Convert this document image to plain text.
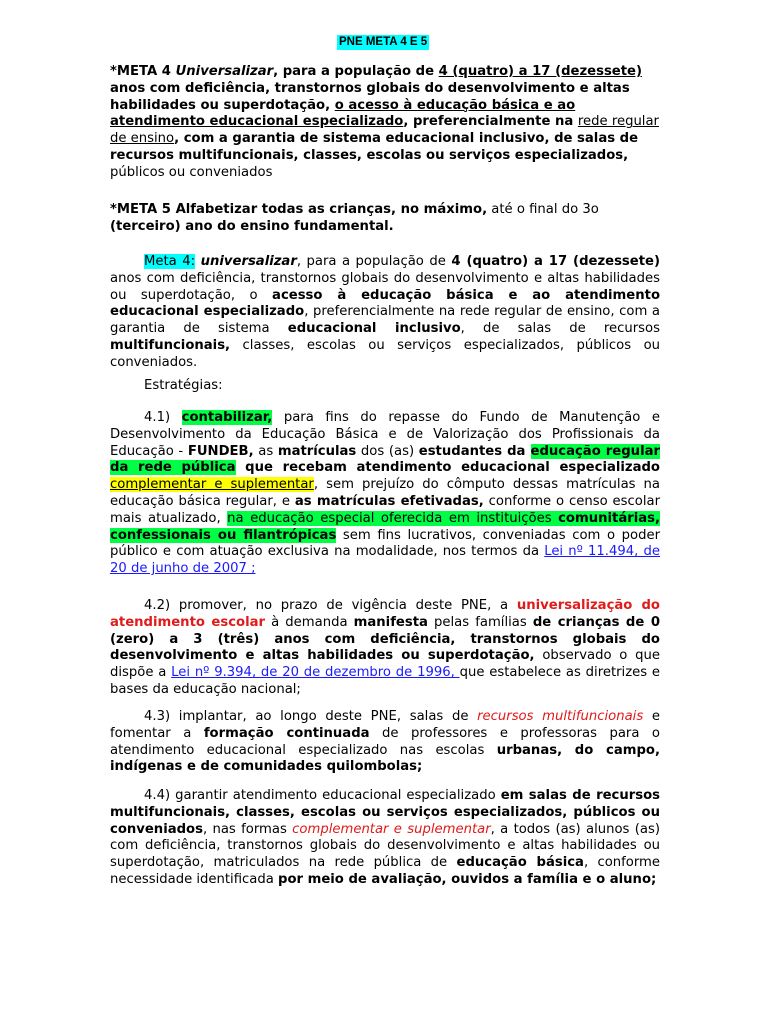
PNE META 4 E 5
*META 4 Universalizar, para a população de 4 (quatro) a 17 (dezessete) anos com deficiência, transtornos globais do desenvolvimento e altas habilidades ou superdotação, o acesso à educação básica e ao atendimento educacional especializado, preferencialmente na rede regular de ensino, com a garantia de sistema educacional inclusivo, de salas de recursos multifuncionais, classes, escolas ou serviços especializados, públicos ou conveniados
*META 5 Alfabetizar todas as crianças, no máximo, até o final do 3o (terceiro) ano do ensino fundamental.
Meta 4: universalizar, para a população de 4 (quatro) a 17 (dezessete) anos com deficiência, transtornos globais do desenvolvimento e altas habilidades ou superdotação, o acesso à educação básica e ao atendimento educacional especializado, preferencialmente na rede regular de ensino, com a garantia de sistema educacional inclusivo, de salas de recursos multifuncionais, classes, escolas ou serviços especializados, públicos ou conveniados.
Estratégias:
4.1) contabilizar, para fins do repasse do Fundo de Manutenção e Desenvolvimento da Educação Básica e de Valorização dos Profissionais da Educação - FUNDEB, as matrículas dos (as) estudantes da educação regular da rede pública que recebam atendimento educacional especializado complementar e suplementar, sem prejuízo do cômputo dessas matrículas na educação básica regular, e as matrículas efetivadas, conforme o censo escolar mais atualizado, na educação especial oferecida em instituições comunitárias, confessionais ou filantrópicas sem fins lucrativos, conveniadas com o poder público e com atuação exclusiva na modalidade, nos termos da Lei nº 11.494, de 20 de junho de 2007 ;
4.2) promover, no prazo de vigência deste PNE, a universalização do atendimento escolar à demanda manifesta pelas famílias de crianças de 0 (zero) a 3 (três) anos com deficiência, transtornos globais do desenvolvimento e altas habilidades ou superdotação, observado o que dispõe a Lei nº 9.394, de 20 de dezembro de 1996, que estabelece as diretrizes e bases da educação nacional;
4.3) implantar, ao longo deste PNE, salas de recursos multifuncionais e fomentar a formação continuada de professores e professoras para o atendimento educacional especializado nas escolas urbanas, do campo, indígenas e de comunidades quilombolas;
4.4) garantir atendimento educacional especializado em salas de recursos multifuncionais, classes, escolas ou serviços especializados, públicos ou conveniados, nas formas complementar e suplementar, a todos (as) alunos (as) com deficiência, transtornos globais do desenvolvimento e altas habilidades ou superdotação, matriculados na rede pública de educação básica, conforme necessidade identificada por meio de avaliação, ouvidos a família e o aluno;
